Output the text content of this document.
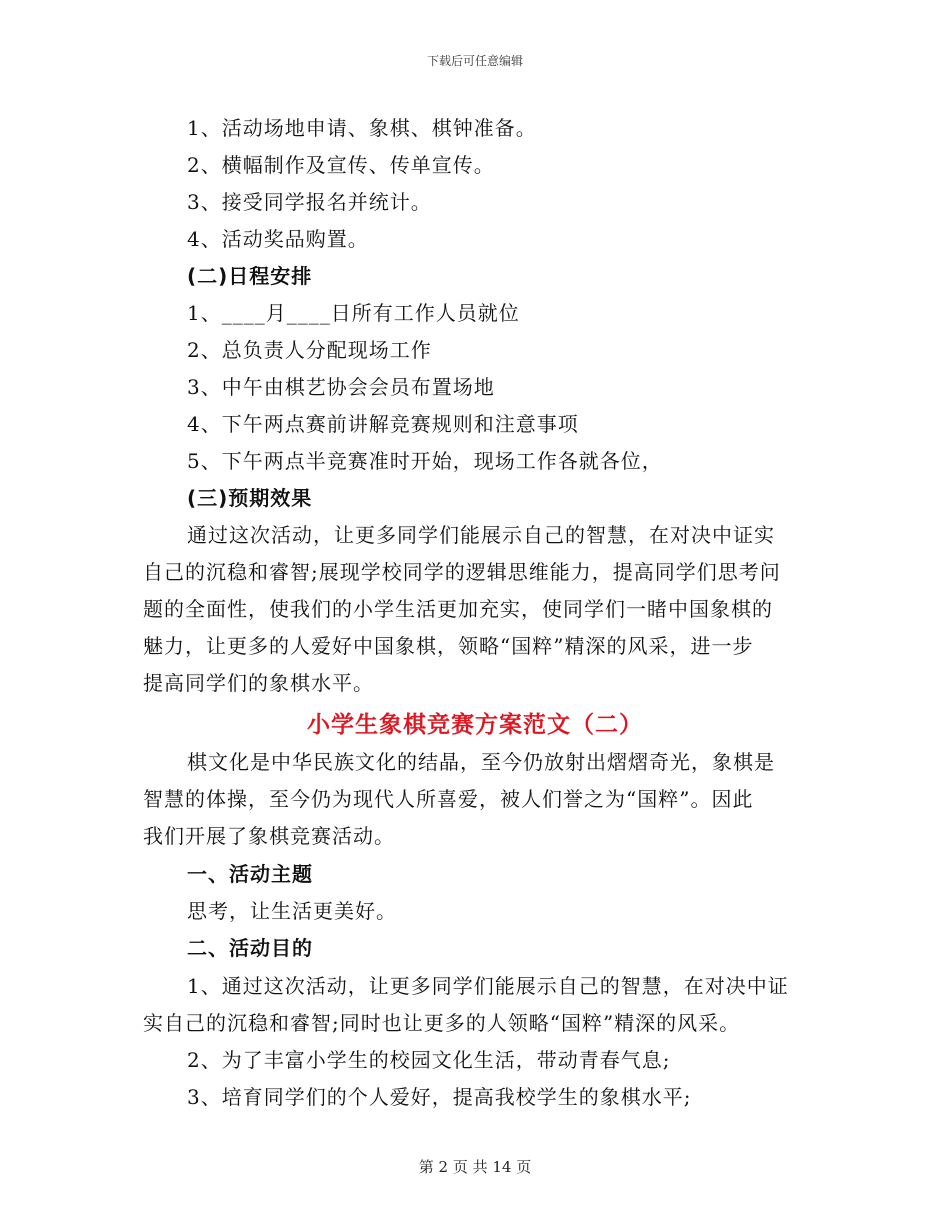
下载后可任意编辑
1、活动场地申请、象棋、棋钟准备。
2、横幅制作及宣传、传单宣传。
3、接受同学报名并统计。
4、活动奖品购置。
(二)日程安排
1、____月____日所有工作人员就位
2、总负责人分配现场工作
3、中午由棋艺协会会员布置场地
4、下午两点赛前讲解竞赛规则和注意事项
5、下午两点半竞赛准时开始，现场工作各就各位，
(三)预期效果
通过这次活动，让更多同学们能展示自己的智慧，在对决中证实
自己的沉稳和睿智;展现学校同学的逻辑思维能力，提高同学们思考问
题的全面性，使我们的小学生活更加充实，使同学们一睹中国象棋的
魅力，让更多的人爱好中国象棋，领略“国粹”精深的风采，进一步
提高同学们的象棋水平。
小学生象棋竞赛方案范文（二）
棋文化是中华民族文化的结晶，至今仍放射出熠熠奇光，象棋是
智慧的体操，至今仍为现代人所喜爱，被人们誉之为“国粹”。因此
我们开展了象棋竞赛活动。
一、活动主题
思考，让生活更美好。
二、活动目的
1、通过这次活动，让更多同学们能展示自己的智慧，在对决中证
实自己的沉稳和睿智;同时也让更多的人领略“国粹”精深的风采。
2、为了丰富小学生的校园文化生活，带动青春气息;
3、培育同学们的个人爱好，提高我校学生的象棋水平;
第 2 页 共 14 页
